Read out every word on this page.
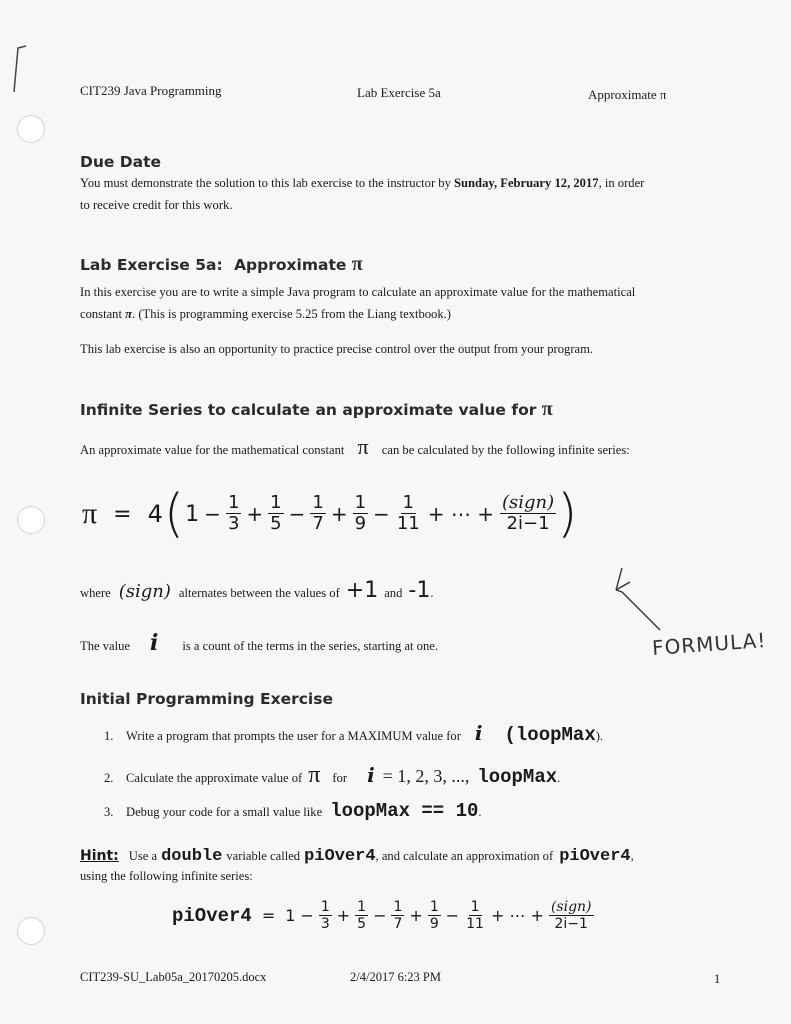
CIT239 Java Programming	Lab Exercise 5a	Approximate π
Due Date
You must demonstrate the solution to this lab exercise to the instructor by Sunday, February 12, 2017, in order
to receive credit for this work.
Lab Exercise 5a: Approximate π
In this exercise you are to write a simple Java program to calculate an approximate value for the mathematical
constant π. (This is programming exercise 5.25 from the Liang textbook.)
This lab exercise is also an opportunity to practice precise control over the output from your program.
Infinite Series to calculate an approximate value for π
An approximate value for the mathematical constant π can be calculated by the following infinite series:
π = 4 ( $1 - \frac{1}{3} + \frac{1}{5} - \frac{1}{7} + \frac{1}{9} - \frac{1}{11}$ + ⋯ + $\frac{\text{(sign)}}{2i-1}$ )
where (sign) alternates between the values of +1 and -1 .
The value i is a count of the terms in the series, starting at one.	FORMULA!
Initial Programming Exercise
1. Write a program that prompts the user for a MAXIMUM value for i (loopMax ).
2. Calculate the approximate value of π for i = 1, 2, 3, ..., loopMax .
3. Debug your code for a small value like loopMax == 10 .
Hint: Use a double variable called piOver4 , and calculate an approximation of piOver4 ,
using the following infinite series:
piOver4 = $1 - \frac{1}{3} + \frac{1}{5} - \frac{1}{7} + \frac{1}{9} - \frac{1}{11}$ + ⋯ + $\frac{\text{(sign)}}{2i-1}$
CIT239-SU_Lab05a_20170205.docx	2/4/2017 6:23 PM	1
